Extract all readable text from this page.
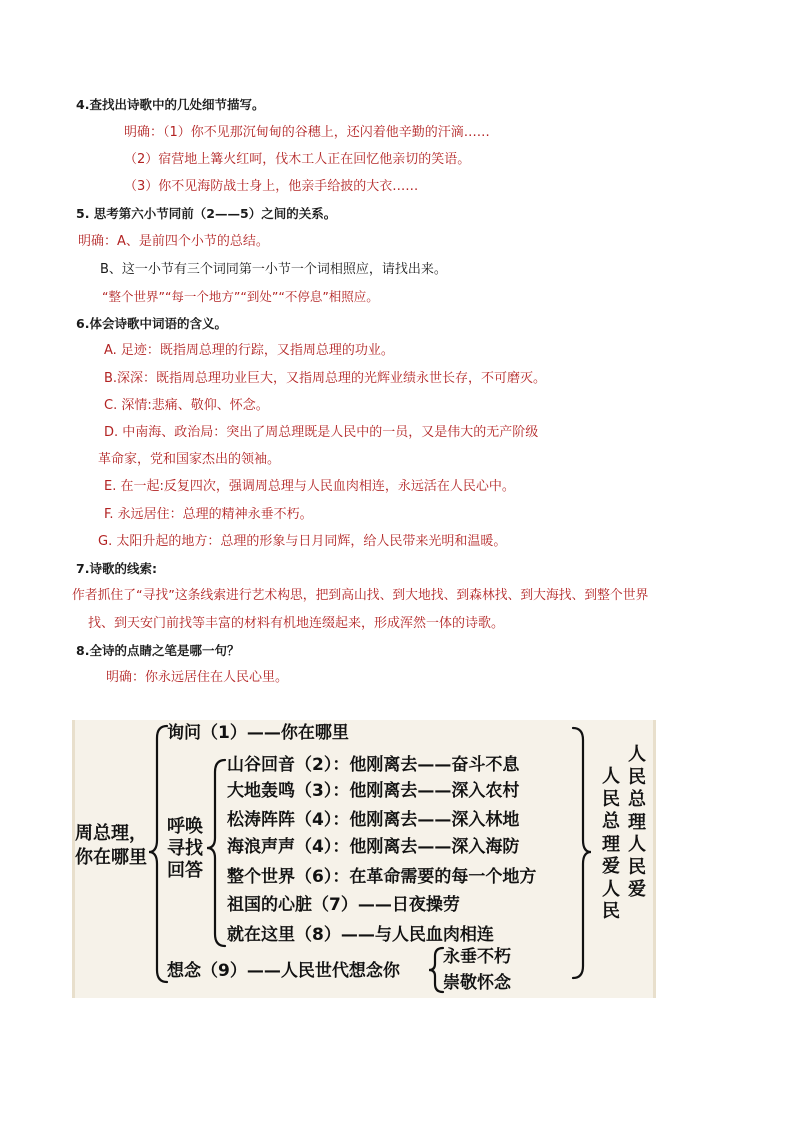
4.查找出诗歌中的几处细节描写。
明确：（1）你不见那沉甸甸的谷穗上，还闪着他辛勤的汗滴……
（2）宿营地上篝火红呵，伐木工人正在回忆他亲切的笑语。
（3）你不见海防战士身上，他亲手给披的大衣……
5. 思考第六小节同前（2——5）之间的关系。
明确：A、是前四个小节的总结。
B、这一小节有三个词同第一小节一个词相照应，请找出来。
“整个世界”“每一个地方”“到处”“不停息”相照应。
6.体会诗歌中词语的含义。
A. 足迹：既指周总理的行踪，又指周总理的功业。
B.深深：既指周总理功业巨大，又指周总理的光辉业绩永世长存，不可磨灭。
C. 深情:悲痛、敬仰、怀念。
D. 中南海、政治局：突出了周总理既是人民中的一员，又是伟大的无产阶级
革命家，党和国家杰出的领袖。
E. 在一起:反复四次，强调周总理与人民血肉相连，永远活在人民心中。
F. 永远居住：总理的精神永垂不朽。
G. 太阳升起的地方：总理的形象与日月同辉，给人民带来光明和温暖。
7.诗歌的线索:
作者抓住了“寻找”这条线索进行艺术构思，把到高山找、到大地找、到森林找、到大海找、到整个世界
找、到天安门前找等丰富的材料有机地连缀起来，形成浑然一体的诗歌。
8.全诗的点睛之笔是哪一句？
明确：你永远居住在人民心里。
周总理，
你在哪里
询问（1）——你在哪里
呼唤
寻找
回答
山谷回音（2）：他刚离去——奋斗不息
大地轰鸣（3）：他刚离去——深入农村
松涛阵阵（4）：他刚离去——深入林地
海浪声声（4）：他刚离去——深入海防
整个世界（6）：在革命需要的每一个地方
祖国的心脏（7）——日夜操劳
就在这里（8）——与人民血肉相连
想念（9）——人民世代想念你
永垂不朽
崇敬怀念
人民总理爱人民
人民总理人民爱
